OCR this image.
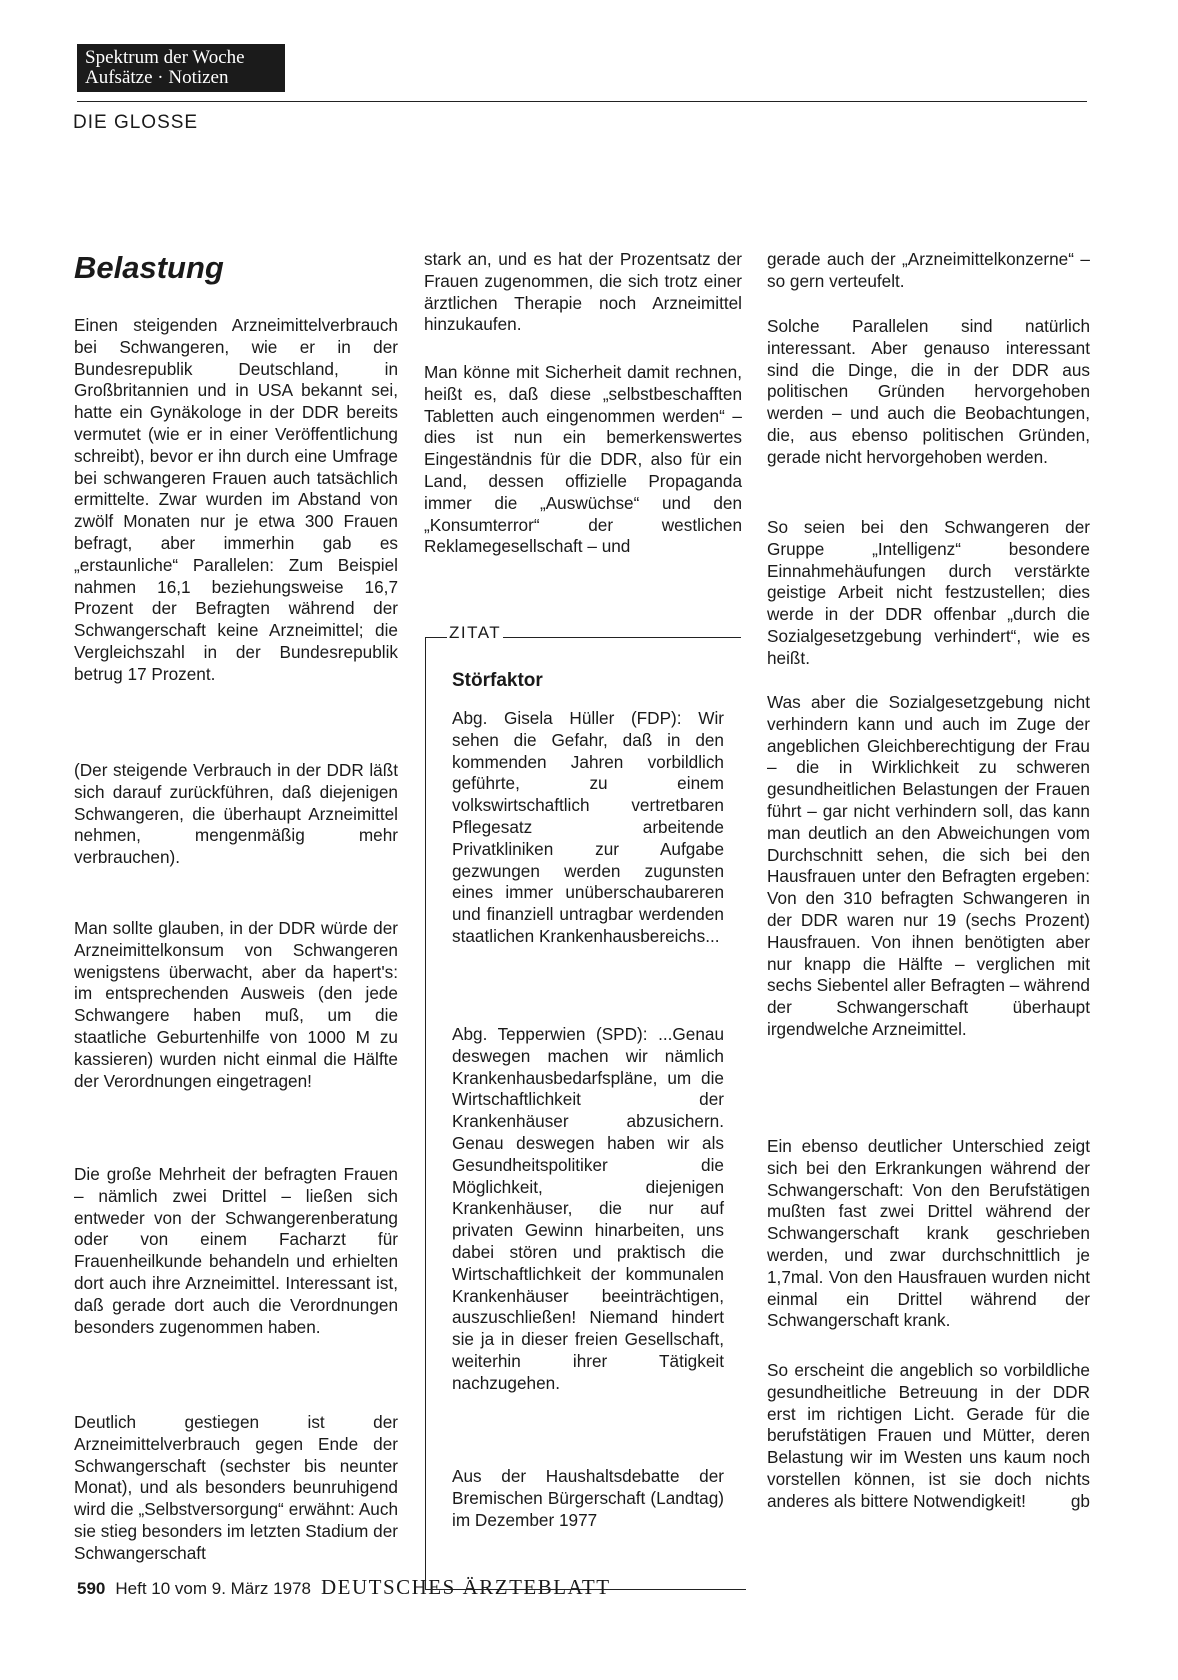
Spektrum der Woche
Aufsätze · Notizen
DIE GLOSSE
Belastung

Einen steigenden Arzneimittelverbrauch bei Schwangeren, wie er in der Bundesrepublik Deutschland, in Großbritannien und in USA bekannt sei, hatte ein Gynäkologe in der DDR bereits vermutet (wie er in einer Veröffentlichung schreibt), bevor er ihn durch eine Umfrage bei schwangeren Frauen auch tatsächlich ermittelte. Zwar wurden im Abstand von zwölf Monaten nur je etwa 300 Frauen befragt, aber immerhin gab es „erstaunliche“ Parallelen: Zum Beispiel nahmen 16,1 beziehungsweise 16,7 Prozent der Befragten während der Schwangerschaft keine Arzneimittel; die Vergleichszahl in der Bundesrepublik betrug 17 Prozent.

(Der steigende Verbrauch in der DDR läßt sich darauf zurückführen, daß diejenigen Schwangeren, die überhaupt Arzneimittel nehmen, mengenmäßig mehr verbrauchen).

Man sollte glauben, in der DDR würde der Arzneimittelkonsum von Schwangeren wenigstens überwacht, aber da hapert's: im entsprechenden Ausweis (den jede Schwangere haben muß, um die staatliche Geburtenhilfe von 1000 M zu kassieren) wurden nicht einmal die Hälfte der Verordnungen eingetragen!

Die große Mehrheit der befragten Frauen – nämlich zwei Drittel – ließen sich entweder von der Schwangerenberatung oder von einem Facharzt für Frauenheilkunde behandeln und erhielten dort auch ihre Arzneimittel. Interessant ist, daß gerade dort auch die Verordnungen besonders zugenommen haben.

Deutlich gestiegen ist der Arzneimittelverbrauch gegen Ende der Schwangerschaft (sechster bis neunter Monat), und als besonders beunruhigend wird die „Selbstversorgung“ erwähnt: Auch sie stieg besonders im letzten Stadium der Schwangerschaft

stark an, und es hat der Prozentsatz der Frauen zugenommen, die sich trotz einer ärztlichen Therapie noch Arzneimittel hinzukaufen.

Man könne mit Sicherheit damit rechnen, heißt es, daß diese „selbstbeschafften Tabletten auch eingenommen werden“ – dies ist nun ein bemerkenswertes Eingeständnis für die DDR, also für ein Land, dessen offizielle Propaganda immer die „Auswüchse“ und den „Konsumterror“ der westlichen Reklamegesellschaft – und

ZITAT
Störfaktor

Abg. Gisela Hüller (FDP): Wir sehen die Gefahr, daß in den kommenden Jahren vorbildlich geführte, zu einem volkswirtschaftlich vertretbaren Pflegesatz arbeitende Privatkliniken zur Aufgabe gezwungen werden zugunsten eines immer unüberschaubareren und finanziell untragbar werdenden staatlichen Krankenhausbereichs...

Abg. Tepperwien (SPD): ...Genau deswegen machen wir nämlich Krankenhausbedarfspläne, um die Wirtschaftlichkeit der Krankenhäuser abzusichern. Genau deswegen haben wir als Gesundheitspolitiker die Möglichkeit, diejenigen Krankenhäuser, die nur auf privaten Gewinn hinarbeiten, uns dabei stören und praktisch die Wirtschaftlichkeit der kommunalen Krankenhäuser beeinträchtigen, auszuschließen! Niemand hindert sie ja in dieser freien Gesellschaft, weiterhin ihrer Tätigkeit nachzugehen.

Aus der Haushaltsdebatte der Bremischen Bürgerschaft (Landtag) im Dezember 1977

gerade auch der „Arzneimittelkonzerne“ – so gern verteufelt.

Solche Parallelen sind natürlich interessant. Aber genauso interessant sind die Dinge, die in der DDR aus politischen Gründen hervorgehoben werden – und auch die Beobachtungen, die, aus ebenso politischen Gründen, gerade nicht hervorgehoben werden.

So seien bei den Schwangeren der Gruppe „Intelligenz“ besondere Einnahmehäufungen durch verstärkte geistige Arbeit nicht festzustellen; dies werde in der DDR offenbar „durch die Sozialgesetzgebung verhindert“, wie es heißt.

Was aber die Sozialgesetzgebung nicht verhindern kann und auch im Zuge der angeblichen Gleichberechtigung der Frau – die in Wirklichkeit zu schweren gesundheitlichen Belastungen der Frauen führt – gar nicht verhindern soll, das kann man deutlich an den Abweichungen vom Durchschnitt sehen, die sich bei den Hausfrauen unter den Befragten ergeben: Von den 310 befragten Schwangeren in der DDR waren nur 19 (sechs Prozent) Hausfrauen. Von ihnen benötigten aber nur knapp die Hälfte – verglichen mit sechs Siebentel aller Befragten – während der Schwangerschaft überhaupt irgendwelche Arzneimittel.

Ein ebenso deutlicher Unterschied zeigt sich bei den Erkrankungen während der Schwangerschaft: Von den Berufstätigen mußten fast zwei Drittel während der Schwangerschaft krank geschrieben werden, und zwar durchschnittlich je 1,7mal. Von den Hausfrauen wurden nicht einmal ein Drittel während der Schwangerschaft krank.

So erscheint die angeblich so vorbildliche gesundheitliche Betreuung in der DDR erst im richtigen Licht. Gerade für die berufstätigen Frauen und Mütter, deren Belastung wir im Westen uns kaum noch vorstellen können, ist sie doch nichts anderes als bittere Notwendigkeit!	gb

590 Heft 10 vom 9. März 1978 DEUTSCHES ÄRZTEBLATT
